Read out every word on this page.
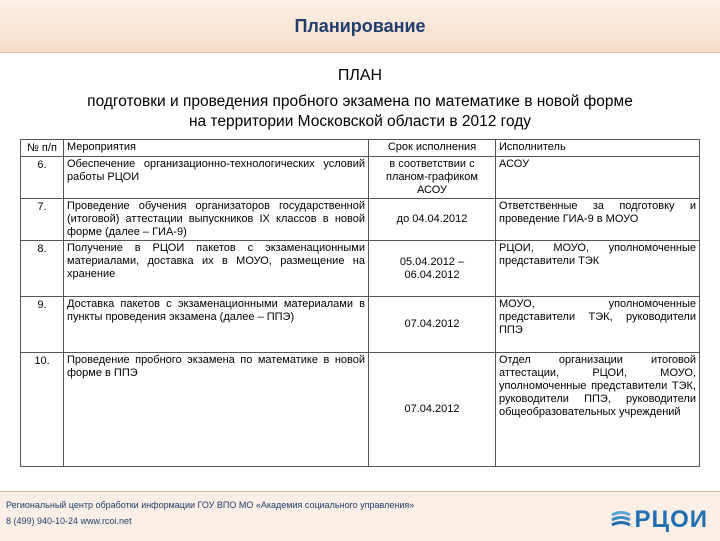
Планирование
ПЛАН
подготовки и проведения пробного экзамена по математике в новой форме
на территории Московской области в 2012 году
№ п/п	Мероприятия	Срок исполнения	Исполнитель
6.	Обеспечение организационно-технологических условий работы РЦОИ	в соответствии с планом-графиком АСОУ	АСОУ
7.	Проведение обучения организаторов государственной (итоговой) аттестации выпускников IX классов в новой форме (далее – ГИА-9)	до 04.04.2012	Ответственные за подготовку и проведение ГИА-9 в МОУО
8.	Получение в РЦОИ пакетов с экзаменационными материалами, доставка их в МОУО, размещение на хранение	05.04.2012 – 06.04.2012	РЦОИ, МОУО, уполномоченные представители ТЭК
9.	Доставка пакетов с экзаменационными материалами в пункты проведения экзамена (далее – ППЭ)	07.04.2012	МОУО, уполномоченные представители ТЭК, руководители ППЭ
10.	Проведение пробного экзамена по математике в новой форме в ППЭ	07.04.2012	Отдел организации итоговой аттестации, РЦОИ, МОУО, уполномоченные представители ТЭК, руководители ППЭ, руководители общеобразовательных учреждений
Региональный центр обработки информации ГОУ ВПО МО «Академия социального управления»
8 (499) 940-10-24 www.rcoi.net	РЦОИ
